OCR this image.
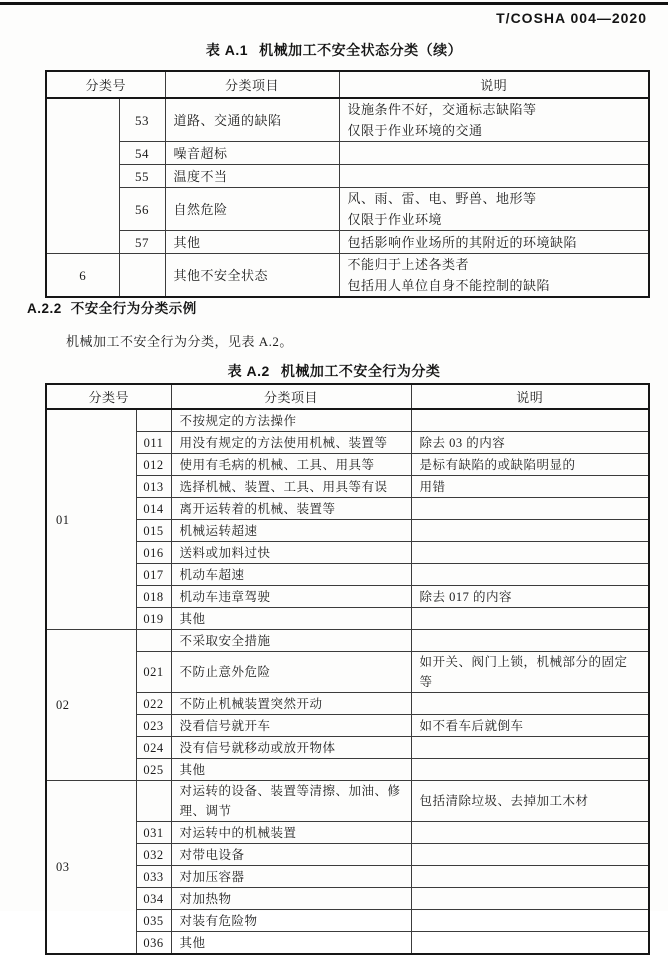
T/COSHA 004—2020
表 A.1 机械加工不安全状态分类（续）
分类号		分类项目	说明
	53	道路、交通的缺陷	设施条件不好，交通标志缺陷等
仅限于作业环境的交通

	54	噪音超标	
	55	温度不当	
	56	自然危险	风、雨、雷、电、野兽、地形等
仅限于作业环境

	57	其他	包括影响作业场所的其附近的环境缺陷

6		其他不安全状态	不能归于上述各类者
包括用人单位自身不能控制的缺陷
A.2.2 不安全行为分类示例
机械加工不安全行为分类，见表 A.2。
表 A.2 机械加工不安全行为分类
分类号		分类项目	说明
01		不按规定的方法操作	
	011	用没有规定的方法使用机械、装置等	除去 03 的内容

	012	使用有毛病的机械、工具、用具等	是标有缺陷的或缺陷明显的

	013	选择机械、装置、工具、用具等有误	用错

	014	离开运转着的机械、装置等	
	015	机械运转超速	
	016	送料或加料过快	
	017	机动车超速	
	018	机动车违章驾驶	除去 017 的内容

	019	其他	
02		不采取安全措施	
	021	不防止意外危险	如开关、阀门上锁，机械部分的固定等

	022	不防止机械装置突然开动	
	023	没看信号就开车	如不看车后就倒车

	024	没有信号就移动或放开物体	
	025	其他	
03		对运转的设备、装置等清擦、加油、修理、调节	包括清除垃圾、去掉加工木材

	031	对运转中的机械装置	
	032	对带电设备	
	033	对加压容器	
	034	对加热物	
	035	对装有危险物	
	036	其他	
